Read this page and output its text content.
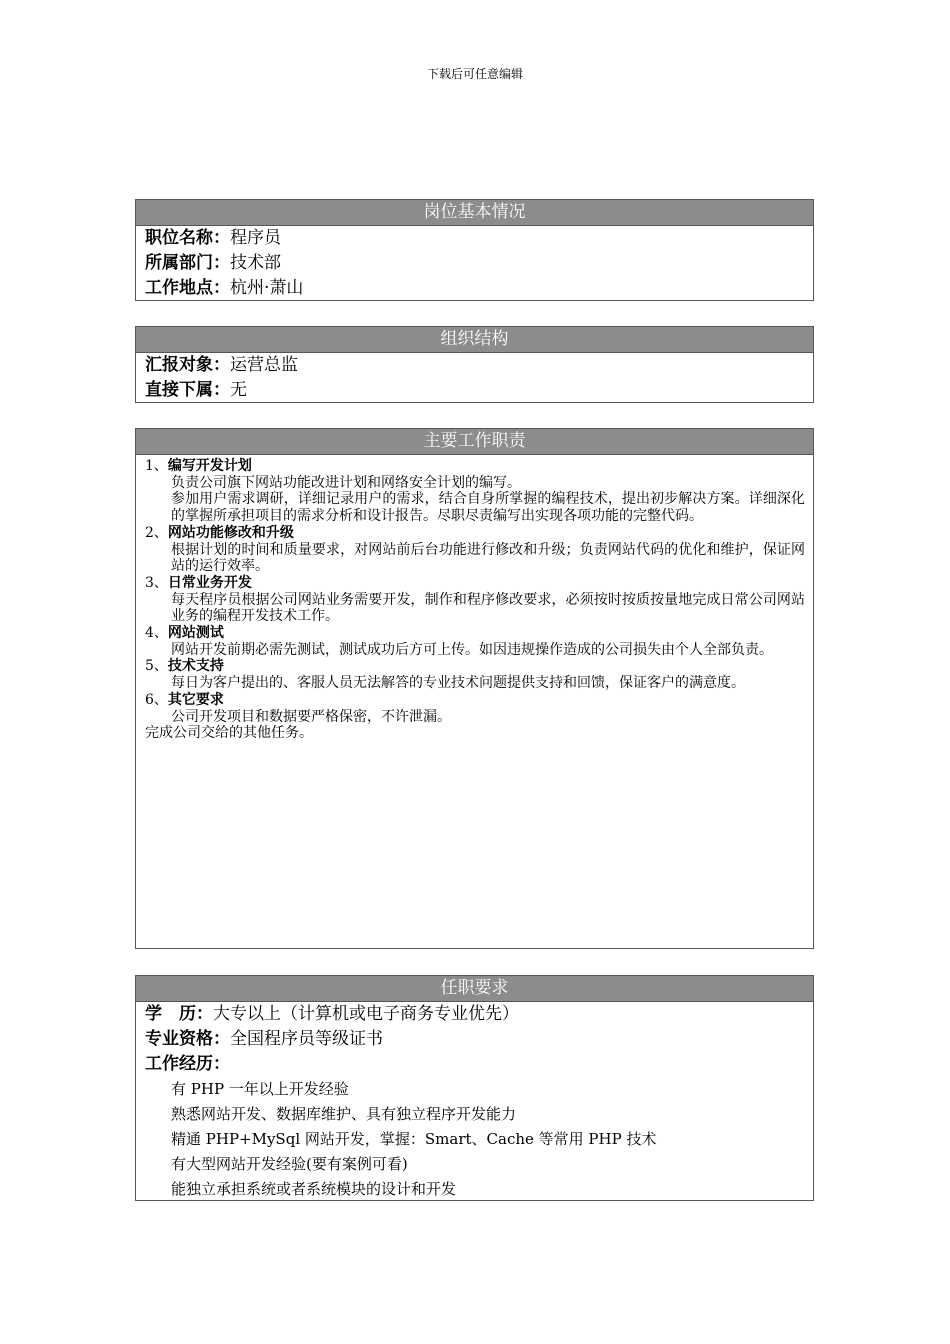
下载后可任意编辑
岗位基本情况
职位名称：程序员
所属部门：技术部
工作地点：杭州·萧山
组织结构
汇报对象：运营总监
直接下属：无
主要工作职责
1、编写开发计划
负责公司旗下网站功能改进计划和网络安全计划的编写。
参加用户需求调研，详细记录用户的需求，结合自身所掌握的编程技术，提出初步解决方案。详细深化的掌握所承担项目的需求分析和设计报告。尽职尽责编写出实现各项功能的完整代码。
2、网站功能修改和升级
根据计划的时间和质量要求，对网站前后台功能进行修改和升级；负责网站代码的优化和维护，保证网站的运行效率。
3、日常业务开发
每天程序员根据公司网站业务需要开发，制作和程序修改要求，必须按时按质按量地完成日常公司网站业务的编程开发技术工作。
4、网站测试
网站开发前期必需先测试，测试成功后方可上传。如因违规操作造成的公司损失由个人全部负责。
5、技术支持
每日为客户提出的、客服人员无法解答的专业技术问题提供支持和回馈，保证客户的满意度。
6、其它要求
公司开发项目和数据要严格保密，不许泄漏。
完成公司交给的其他任务。
任职要求
学　历：大专以上（计算机或电子商务专业优先）
专业资格：全国程序员等级证书
工作经历：
有 PHP 一年以上开发经验
熟悉网站开发、数据库维护、具有独立程序开发能力
精通 PHP+MySql 网站开发，掌握：Smart、Cache 等常用 PHP 技术
有大型网站开发经验(要有案例可看)
能独立承担系统或者系统模块的设计和开发
